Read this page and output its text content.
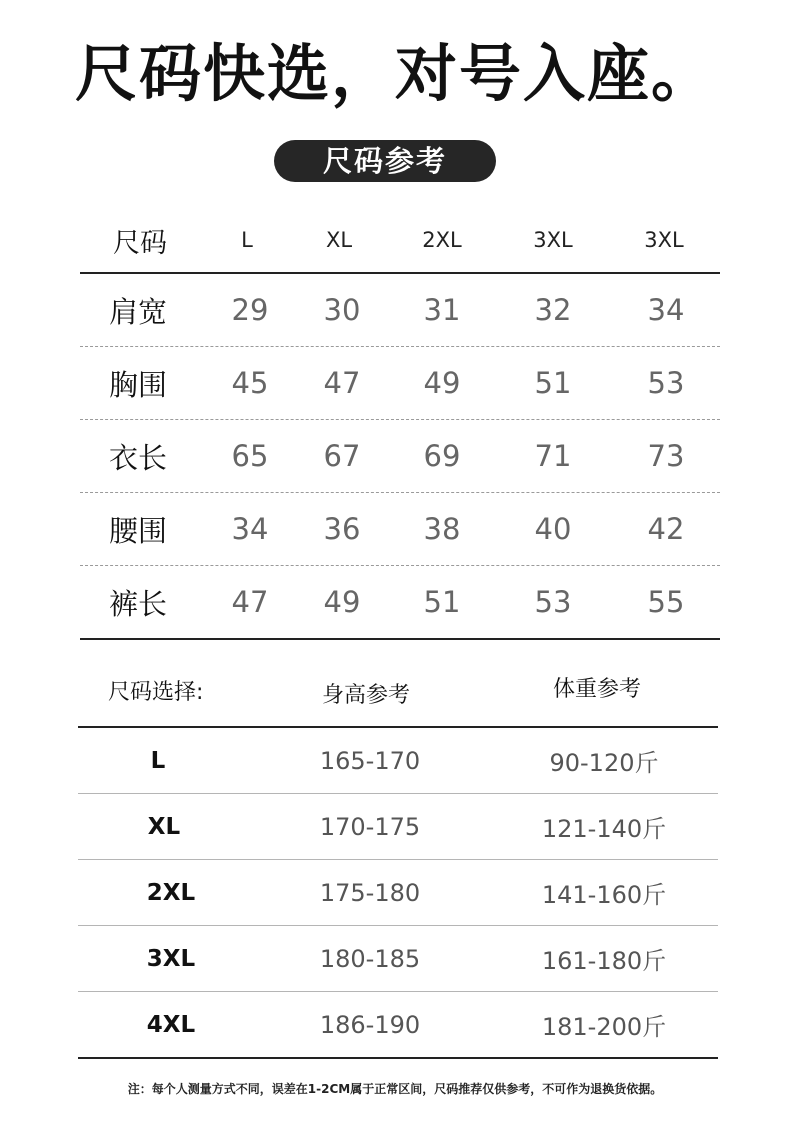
尺码快选，对号入座。
尺码参考
尺码	L	XL	2XL	3XL	3XL
肩宽	29	30	31	32	34
胸围	45	47	49	51	53
衣长	65	67	69	71	73
腰围	34	36	38	40	42
裤长	47	49	51	53	55
尺码选择:	身高参考	体重参考
L	165-170	90-120斤
XL	170-175	121-140斤
2XL	175-180	141-160斤
3XL	180-185	161-180斤
4XL	186-190	181-200斤
注：每个人测量方式不同，误差在1-2CM属于正常区间，尺码推荐仅供参考，不可作为退换货依据。
